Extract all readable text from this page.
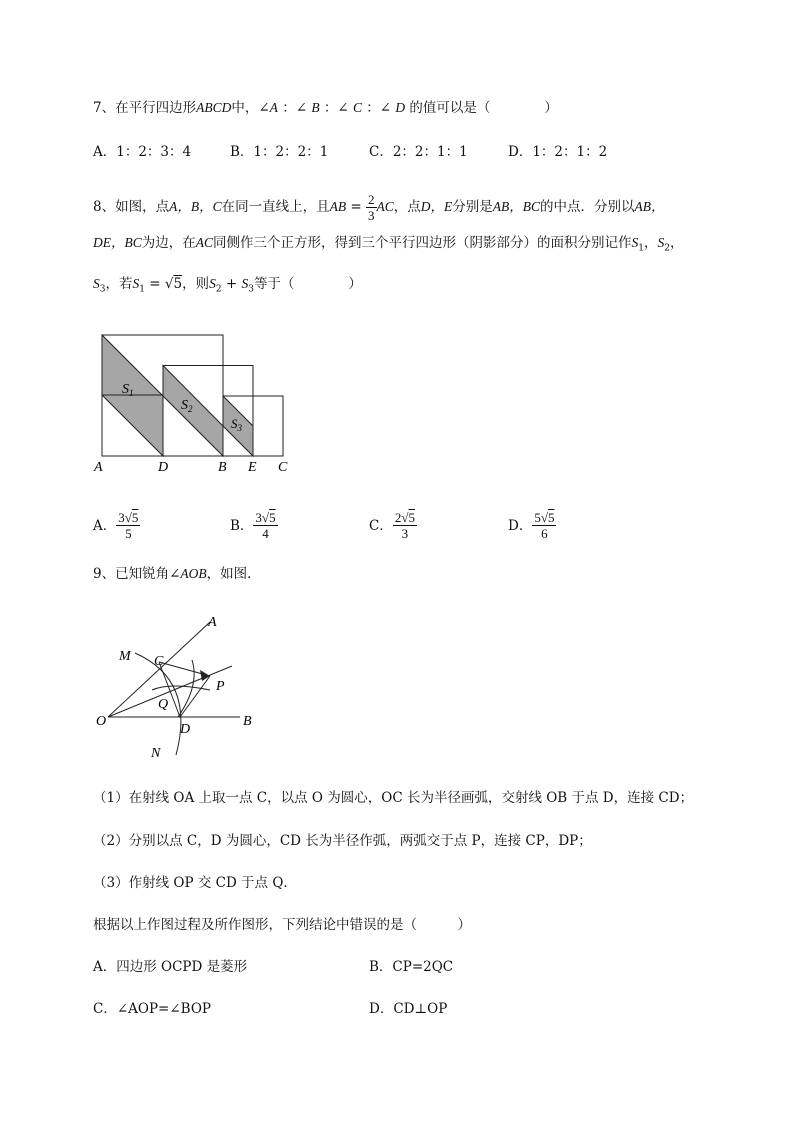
7、在平行四边形ABCD中，∠A ：∠ B ：∠ C ：∠ D 的值可以是（　　　　）
A．1：2：3：4	B．1：2：2：1	C．2：2：1：1	D．1：2：1：2
8、如图，点A，B，C在同一直线上，且AB = $\frac{2}{3}$ AC，点D，E分别是AB，BC的中点．分别以AB，
DE，BC为边，在AC同侧作三个正方形，得到三个平行四边形（阴影部分）的面积分别记作$S_1$，$S_2$，
$S_3$，若$S_1 = √5$，则$S_2 + S_3$等于（　　　　）
$S_1$
$S_2$
$S_3$
A	D	B E C
A． $\frac{3√5}{5}$	B． $\frac{3√5}{4}$	C． $\frac{2√5}{3}$	D． $\frac{5√5}{6}$
9、已知锐角∠AOB，如图．
A
M C
P
Q
O
D
B
N
（1）在射线 OA 上取一点 C，以点 O 为圆心，OC 长为半径画弧，交射线 OB 于点 D，连接 CD；
（2）分别以点 C，D 为圆心，CD 长为半径作弧，两弧交于点 P，连接 CP，DP；
（3）作射线 OP 交 CD 于点 Q．
根据以上作图过程及所作图形，下列结论中错误的是（　　　）
A．四边形 OCPD 是菱形	B．CP=2QC
C．∠AOP=∠BOP	D．CD⊥OP
